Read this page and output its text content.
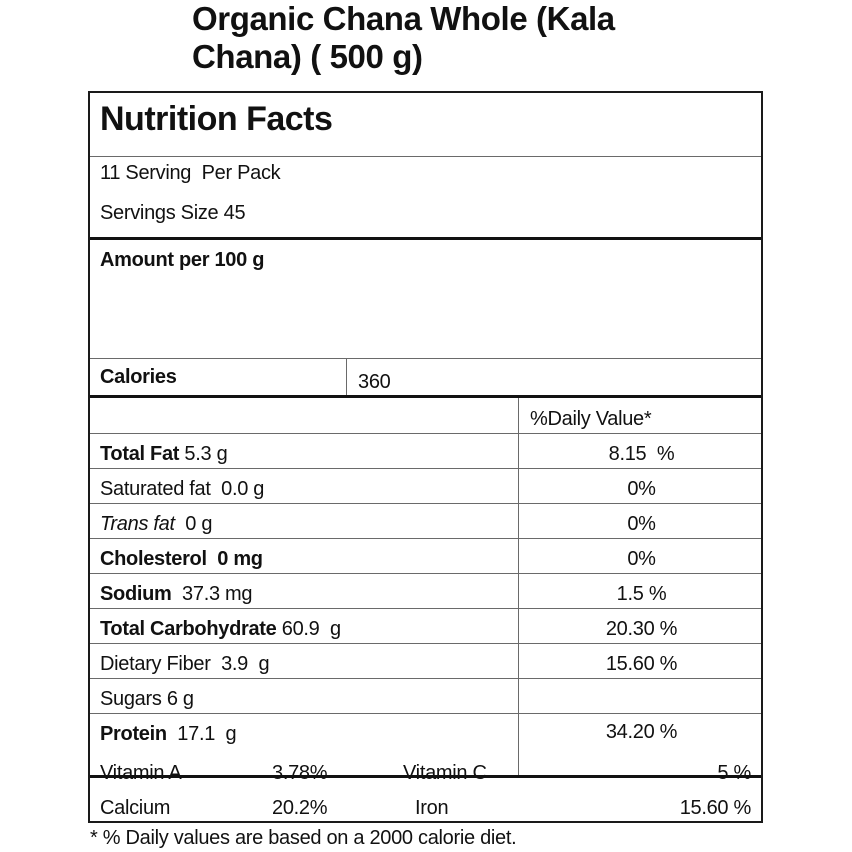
Organic Chana Whole (Kala
Chana) ( 500 g)
Nutrition Facts
11 Serving  Per Pack
Servings Size 45
Amount per 100 g
Calories	360
%Daily Value*
Total Fat 5.3 g	8.15  %
Saturated fat  0.0 g	0%
Trans fat  0 g	0%
Cholesterol  0 mg	0%
Sodium  37.3 mg	1.5 %
Total Carbohydrate 60.9  g	20.30 %
Dietary Fiber  3.9  g	15.60 %
Sugars 6 g
Protein  17.1  g	34.20 %
Vitamin A	3.78%	Vitamin C	5 %
Calcium	20.2%	Iron	15.60 %
* % Daily values are based on a 2000 calorie diet.
